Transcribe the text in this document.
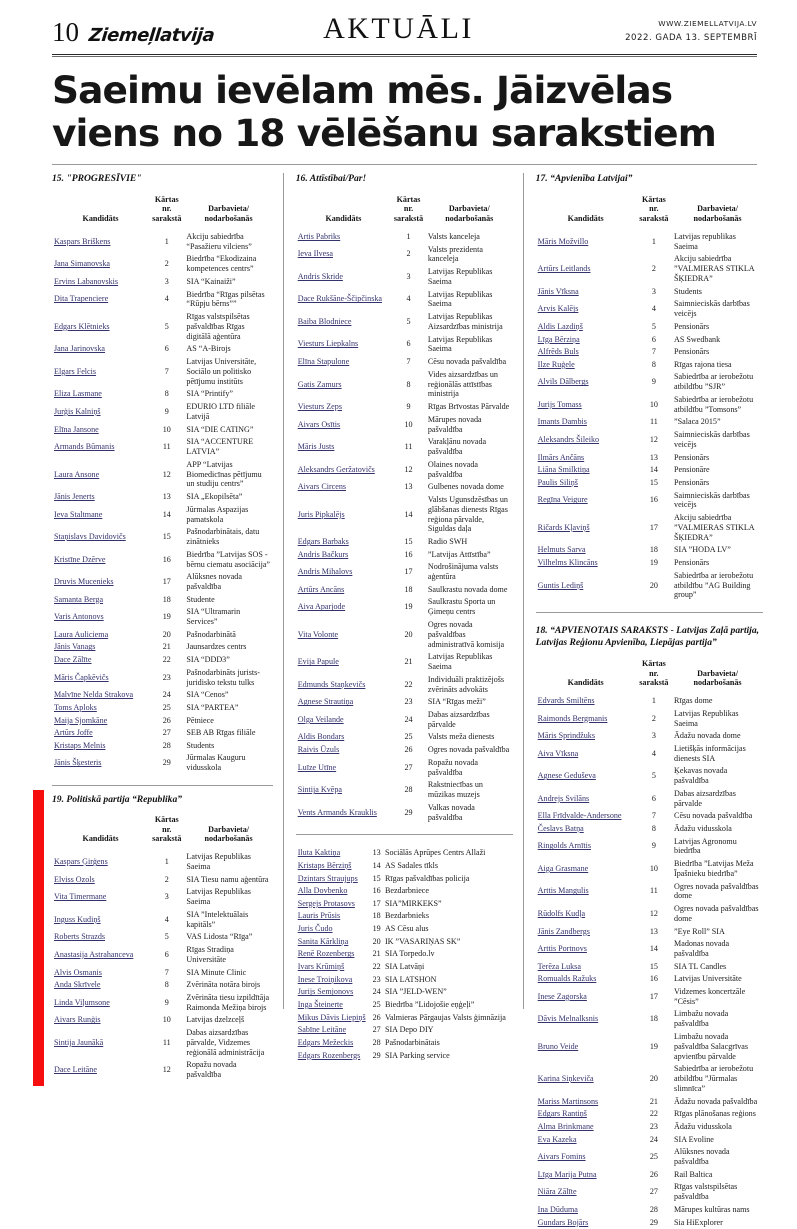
10 Ziemeļlatvija	AKTUĀLI	WWW.ZIEMELLATVIJA.LV
2022. GADA 13. SEPTEMBRĪ
Saeimu ievēlam mēs. Jāizvēlas viens no 18 vēlēšanu sarakstiem
15. "PROGRESĪVIE"
Kandidāts	Kārtas nr. sarakstā	Darbavieta/ nodarbošanās
Kaspars Briškens	1	Akciju sabiedrība “Pasažieru vilciens”
Jana Simanovska	2	Biedrība “Ekodizaina kompetences centrs”
Ervins Labanovskis	3	SIA “Kainaiži”
Dita Trapenciere	4	Biedrība “Rīgas pilsētas “Rūpju bērns””
Edgars Klētnieks	5	Rīgas valstspilsētas pašvaldības Rīgas digitālā aģentūra
Jana Jarinovska	6	AS “A-Birojs
Elgars Felcis	7	Latvijas Universitāte, Sociālo un politisko pētījumu institūts
Eliza Lasmane	8	SIA “Printify”
Jurģis Kalniņš	9	EDURIO LTD filiāle Latvijā
Elīna Jansone	10	SIA “DIE CATING”
Armands Būmanis	11	SIA “ACCENTURE LATVIA”
Laura Ansone	12	APP “Latvijas Biomedicīnas pētījumu un studiju centrs”
Jānis Jenerts	13	SIA „Ekopilsēta”
Ieva Staltmane	14	Jūrmalas Aspazijas pamatskola
Staņislavs Davidovičs	15	Pašnodarbinātais, datu zinātnieks
Kristīne Dzērve	16	Biedrība ”Latvijas SOS - bērnu ciematu asociācija”
Druvis Mucenieks	17	Alūksnes novada pašvaldība
Samanta Berga	18	Studente
Varis Antonovs	19	SIA “Ultramarin Services”
Laura Auliciema	20	Pašnodarbinātā
Jānis Vanags	21	Jaunsardzes centrs
Dace Zālīte	22	SIA “DDD3”
Māris Čapkēvičs	23	Pašnodarbināts jurists-juridisko tekstu tulks
Malvīne Nelda Strakova	24	SIA “Cenos”
Toms Aploks	25	SIA “PARTEA”
Maija Sjomkāne	26	Pētniece
Artūrs Joffe	27	SEB AB Rīgas filiāle
Kristaps Melnis	28	Students
Jānis Šķesteris	29	Jūrmalas Kauguru vidusskola
19. Politiskā partija “Republika”
Kandidāts	Kārtas nr. sarakstā	Darbavieta/ nodarbošanās
Kaspars Ģirģens	1	Latvijas Republikas Saeima
Elviss Ozols	2	SIA Tiesu namu aģentūra
Vita Timermane	3	Latvijas Republikas Saeima
Inguss Kudiņš	4	SIA ”Intelektuālais kapitāls”
Roberts Strazds	5	VAS Lidosta “Rīga”
Anastasija Astrahanceva	6	Rīgas Stradiņa Universitāte
Alvis Osmanis	7	SIA Minute Clinic
Anda Skrīvele	8	Zvērināta notāra birojs
Linda Viļumsone	9	Zvērināta tiesu izpildītāja Raimonda Mežiņa birojs
Aivars Runģis	10	Latvijas dzelzceļš
Sintija Jaunākā	11	Dabas aizsardzības pārvalde, Vidzemes reģionālā administrācija
Dace Leitāne	12	Ropažu novada pašvaldība
16. Attīstībai/Par!
Kandidāts	Kārtas nr. sarakstā	Darbavieta/ nodarbošanās
Artis Pabriks	1	Valsts kanceleja
Ieva Ilvesa	2	Valsts prezidenta kanceleja
Andris Skride	3	Latvijas Republikas Saeima
Dace Rukšāne-Ščipčinska	4	Latvijas Republikas Saeima
Baiba Blodniece	5	Latvijas Republikas Aizsardzības ministrija
Viesturs Liepkalns	6	Latvijas Republikas Saeima
Elīna Stapulone	7	Cēsu novada pašvaldība
Gatis Zamurs	8	Vides aizsardzības un reģionālās attīstības ministrija
Viesturs Zeps	9	Rīgas Brīvostas Pārvalde
Aivars Osītis	10	Mārupes novada pašvaldība
Māris Justs	11	Varakļānu novada pašvaldība
Aleksandrs Geržatovičs	12	Olaines novada pašvaldība
Aivars Circens	13	Gulbenes novada dome
Juris Pipkalējs	14	Valsts Ugunsdzēsības un glābšanas dienests Rīgas reģiona pārvalde, Siguldas daļa
Edgars Barbaks	15	Radio SWH
Andris Bačkurs	16	”Latvijas Attīstība”
Andris Mihalovs	17	Nodrošinājuma valsts aģentūra
Artūrs Ancāns	18	Saulkrastu novada dome
Aiva Aparjode	19	Saulkrastu Sporta un Ģimeņu centrs
Vita Volonte	20	Ogres novada pašvaldības administratīvā komisija
Evija Papule	21	Latvijas Republikas Saeima
Edmunds Staņkevičs	22	Individuāli praktizējošs zvērināts advokāts
Agnese Strautiņa	23	SIA “Rīgas meži”
Olga Veilande	24	Dabas aizsardzības pārvalde
Aldis Bondars	25	Valsts meža dienests
Raivis Ūzuls	26	Ogres novada pašvaldība
Luīze Utīne	27	Ropažu novada pašvaldība
Sintija Kvēpa	28	Rakstniecības un mūzikas muzejs
Vents Armands Krauklis	29	Valkas novada pašvaldība
Iluta Kaktiņa	13	Sociālās Aprūpes Centrs Allaži
Kristaps Bērziņš	14	AS Sadales tīkls
Dzintars Straujups	15	Rīgas pašvaldības policija
Alla Dovbenko	16	Bezdarbniece
Sergejs Protasovs	17	SIA”MIRKEKS”
Lauris Prūsis	18	Bezdarbnieks
Juris Čudo	19	AS Cēsu alus
Sanita Kārkliņa	20	IK ”VASARIŅAS SK”
Renē Rozenbergs	21	SIA Torpedo.lv
Ivars Krūmiņš	22	SIA Latvāņi
Inese Troiņikova	23	SIA LATSHON
Jurijs Semjonovs	24	SIA ”JELD-WEN”
Inga Šteinerte	25	Biedrība ”Lidojošie eņģeļi”
Mikus Dāvis Liepiņš	26	Valmieras Pārgaujas Valsts ģimnāzija
Sabīne Leitāne	27	SIA Depo DIY
Edgars Mežeckis	28	Pašnodarbinātais
Edgars Rozenbergs	29	SIA Parking service
17. “Apvienība Latvijai”
Kandidāts	Kārtas nr. sarakstā	Darbavieta/ nodarbošanās
Māris Možvillo	1	Latvijas republikas Saeima
Artūrs Leitlands	2	Akciju sabiedrība ”VALMIERAS STIKLA ŠĶIEDRA”
Jānis Vīksna	3	Students
Arvis Kalējs	4	Saimnieciskās darbības veicējs
Aldis Lazdiņš	5	Pensionārs
Līga Bērziņa	6	AS Swedbank
Alfrēds Buls	7	Pensionārs
Ilze Ruģele	8	Rīgas rajona tiesa
Alvils Dālbergs	9	Sabiedrība ar ierobežotu atbildību ”SJR”
Jurijs Tomass	10	Sabiedrība ar ierobežotu atbildību ”Tomsons”
Imants Dambis	11	”Salaca 2015”
Aleksandrs Šileiko	12	Saimnieciskās darbības veicējs
Ilmārs Ančāns	13	Pensionārs
Liāna Smilktiņa	14	Pensionāre
Paulis Siliņš	15	Pensionārs
Regīna Veigure	16	Saimnieciskās darbības veicējs
Ričards Kļaviņš	17	Akciju sabiedrība ”VALMIERAS STIKLA ŠĶIEDRA”
Helmuts Sarva	18	SIA ”HODA LV”
Vilhelms Klincāns	19	Pensionārs
Guntis Lediņš	20	Sabiedrība ar ierobežotu atbildību ”AG Building group”
18. “APVIENOTAIS SARAKSTS - Latvijas Zaļā partija, Latvijas Reģionu Apvienība, Liepājas partija”
Kandidāts	Kārtas nr. sarakstā	Darbavieta/ nodarbošanās
Edvards Smiltēns	1	Rīgas dome
Raimonds Bergmanis	2	Latvijas Republikas Saeima
Māris Sprindžuks	3	Ādažu novada dome
Aiva Vīksna	4	Lietišķās informācijas dienests SIA
Agnese Geduševa	5	Ķekavas novada pašvaldība
Andrejs Svilāns	6	Dabas aizsardzības pārvalde
Ella Frīdvalde-Andersone	7	Cēsu novada pašvaldība
Česlavs Batņa	8	Ādažu vidusskola
Ringolds Arnītis	9	Latvijas Agronomu biedrība
Aiga Grasmane	10	Biedrība ”Latvijas Meža Īpašnieku biedrība”
Arttis Mangulis	11	Ogres novada pašvaldības dome
Rūdolfs Kudļa	12	Ogres novada pašvaldības dome
Jānis Zandbergs	13	”Eye Roll” SIA
Arttis Portnovs	14	Madonas novada pašvaldība
Terēza Luksa	15	SIA TL Candles
Romualds Ražuks	16	Latvijas Universitāte
Inese Zagorska	17	Vidzemes koncertzāle ”Cēsis”
Dāvis Melnalksnis	18	Limbažu novada pašvaldība
Bruno Veide	19	Limbažu novada pašvaldība Salacgrīvas apvienību pārvalde
Karina Siņkeviča	20	Sabiedrība ar ierobežotu atbildību ”Jūrmalas slimnīca”
Mariss Martinsons	21	Ādažu novada pašvaldība
Edgars Rantiņš	22	Rīgas plānošanas reģions
Alma Brinkmane	23	Ādažu vidusskola
Eva Kazeka	24	SIA Evoline
Aivars Fomins	25	Alūksnes novada pašvaldība
Līga Marija Putna	26	Rail Baltica
Niāra Zālīte	27	Rīgas valstspilsētas pašvaldība
Ina Dūduma	28	Mārupes kultūras nams
Gundars Bojārs	29	Sia HiExplorer
